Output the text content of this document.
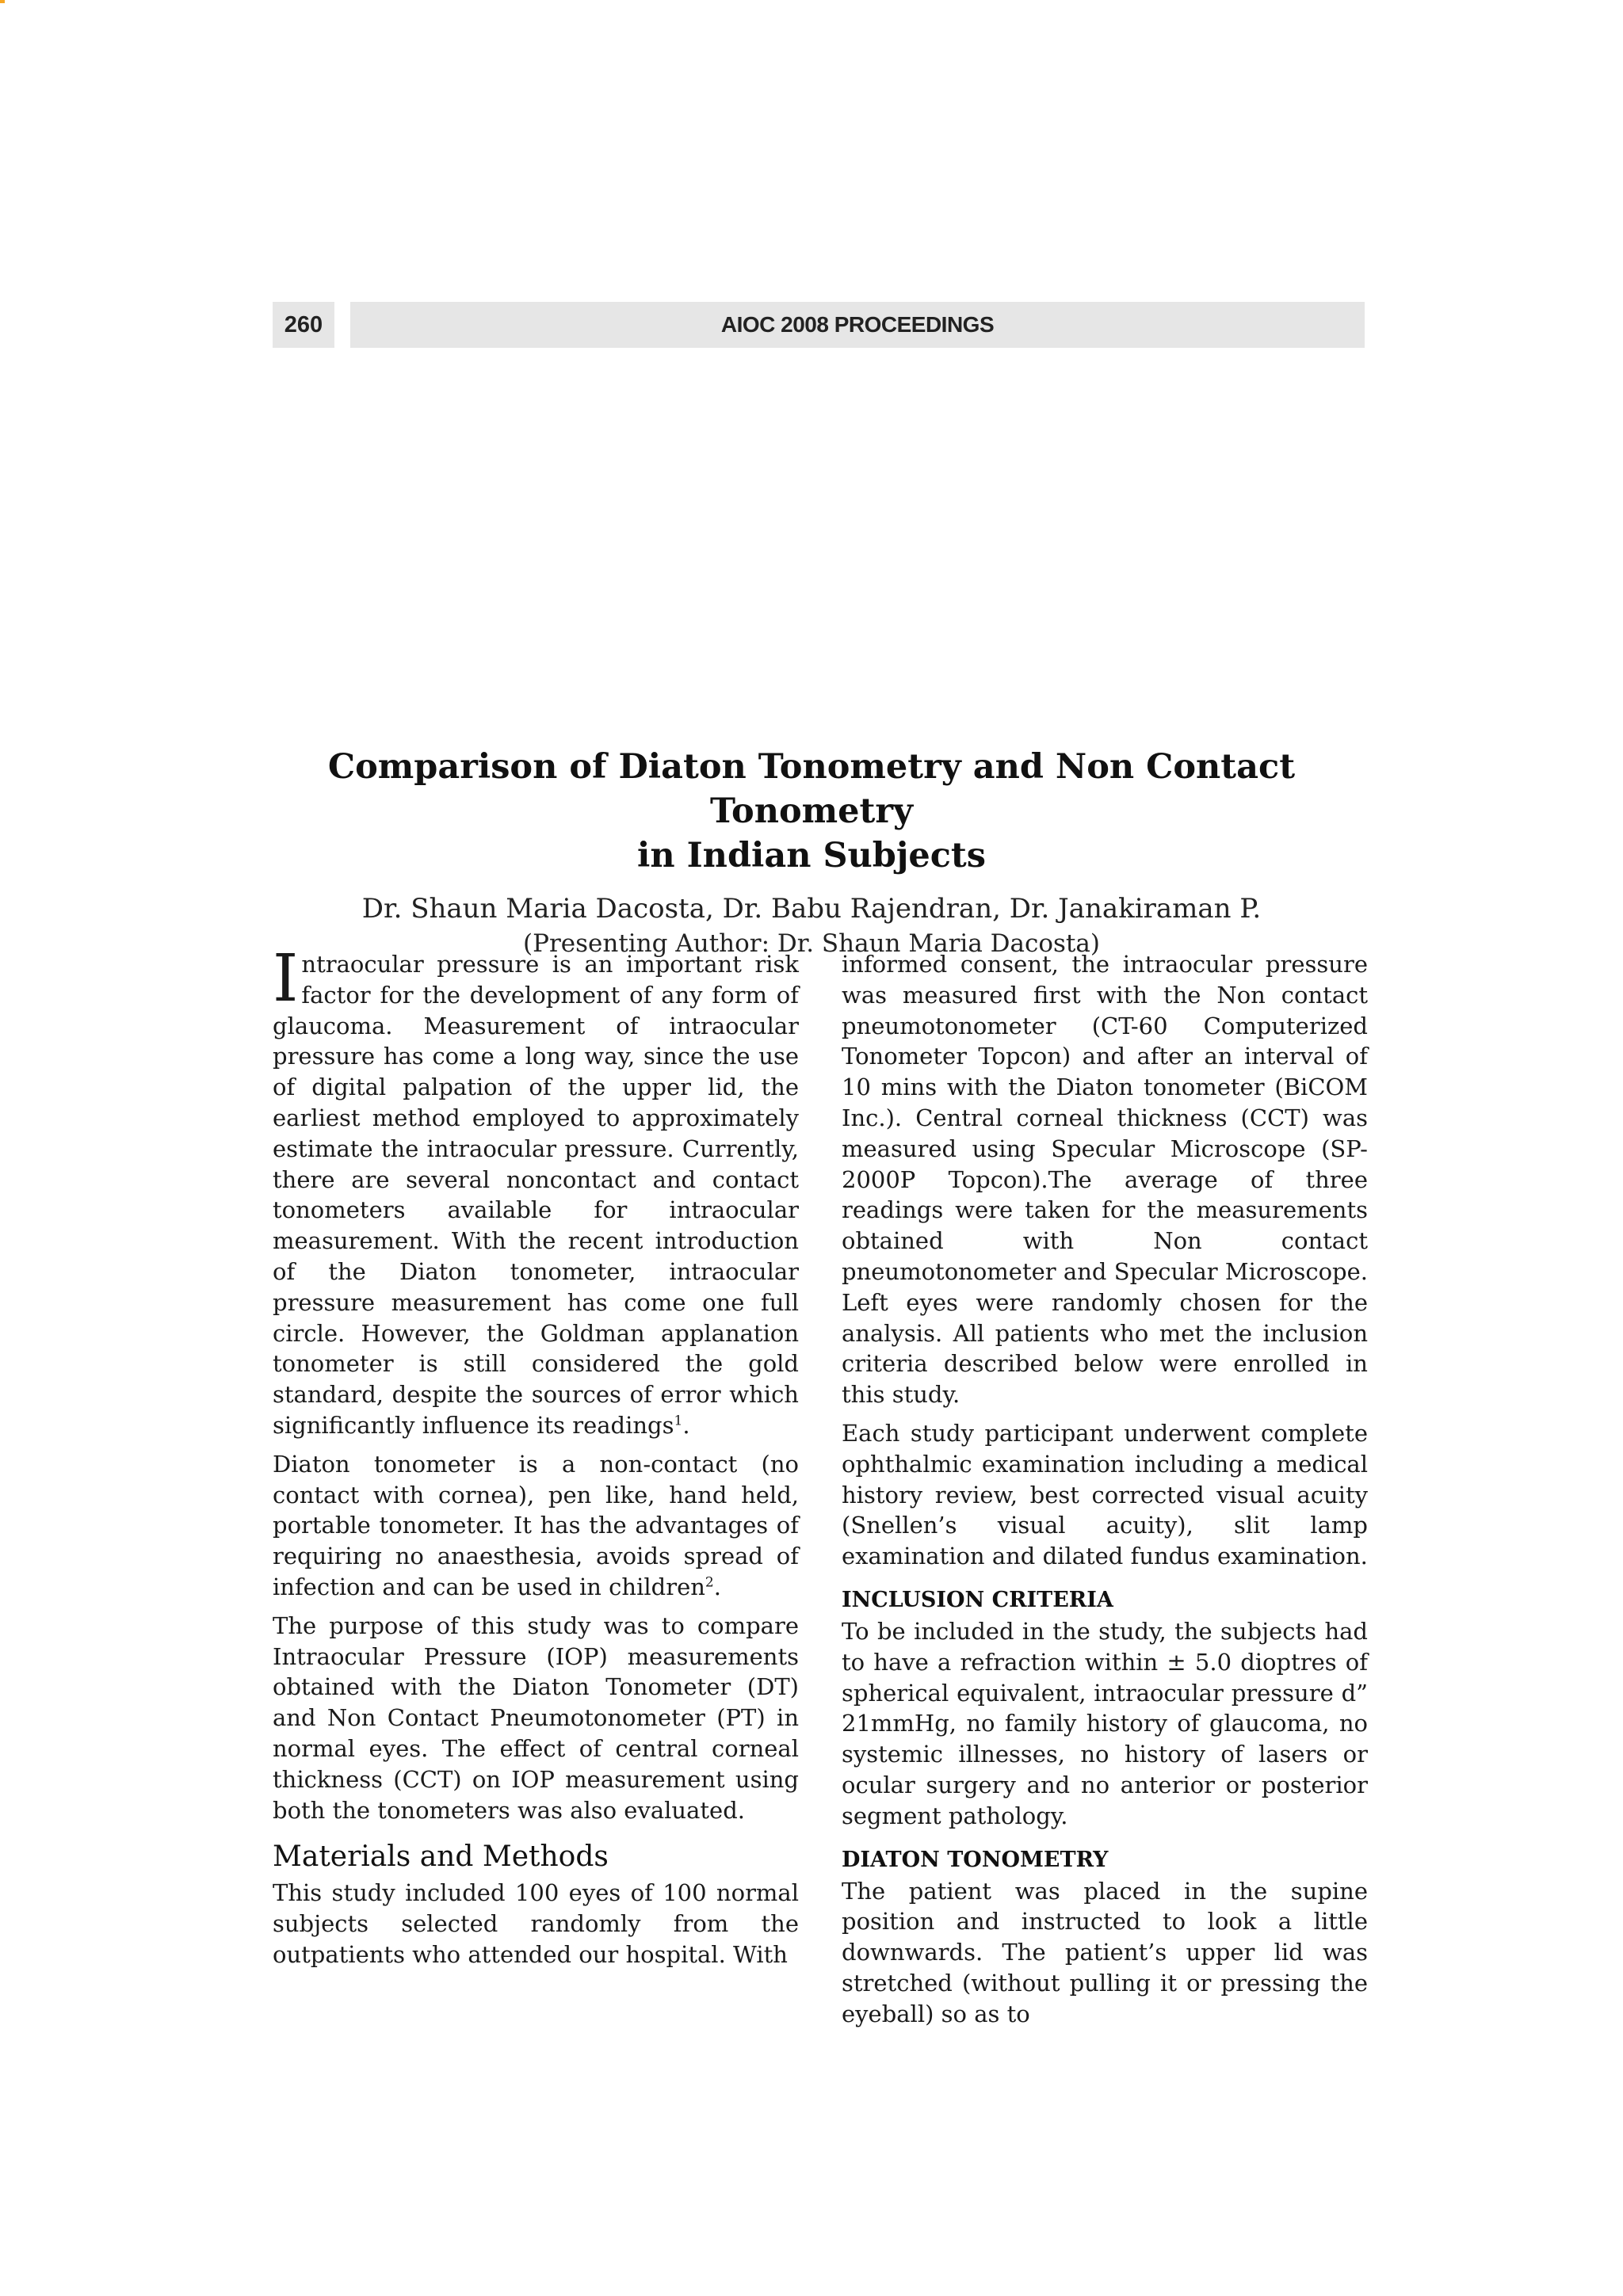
260	AIOC 2008 PROCEEDINGS
Comparison of Diaton Tonometry and Non Contact Tonometry
in Indian Subjects

Dr. Shaun Maria Dacosta, Dr. Babu Rajendran, Dr. Janakiraman P.

(Presenting Author: Dr. Shaun Maria Dacosta)

Intraocular pressure is an important risk factor for the development of any form of glaucoma. Measurement of intraocular pressure has come a long way, since the use of digital palpation of the upper lid, the earliest method employed to approximately estimate the intraocular pressure. Currently, there are several noncontact and contact tonometers available for intraocular measurement. With the recent introduction of the Diaton tonometer, intraocular pressure measurement has come one full circle. However, the Goldman applanation tonometer is still considered the gold standard, despite the sources of error which significantly influence its readings$^1$.

Diaton tonometer is a non-contact (no contact with cornea), pen like, hand held, portable tonometer. It has the advantages of requiring no anaesthesia, avoids spread of infection and can be used in children$^2$.

The purpose of this study was to compare Intraocular Pressure (IOP) measurements obtained with the Diaton Tonometer (DT) and Non Contact Pneumotonometer (PT) in normal eyes. The effect of central corneal thickness (CCT) on IOP measurement using both the tonometers was also evaluated.

Materials and Methods

This study included 100 eyes of 100 normal subjects selected randomly from the outpatients who attended our hospital. With

informed consent, the intraocular pressure was measured first with the Non contact pneumotonometer (CT-60 Computerized Tonometer Topcon) and after an interval of 10 mins with the Diaton tonometer (BiCOM Inc.). Central corneal thickness (CCT) was measured using Specular Microscope (SP-2000P Topcon).The average of three readings were taken for the measurements obtained with Non contact pneumotonometer and Specular Microscope. Left eyes were randomly chosen for the analysis. All patients who met the inclusion criteria described below were enrolled in this study.

Each study participant underwent complete ophthalmic examination including a medical history review, best corrected visual acuity (Snellen’s visual acuity), slit lamp examination and dilated fundus examination.

INCLUSION CRITERIA

To be included in the study, the subjects had to have a refraction within ± 5.0 dioptres of spherical equivalent, intraocular pressure d” 21mmHg, no family history of glaucoma, no systemic illnesses, no history of lasers or ocular surgery and no anterior or posterior segment pathology.

DIATON TONOMETRY

The patient was placed in the supine position and instructed to look a little downwards. The patient’s upper lid was stretched (without pulling it or pressing the eyeball) so as to
